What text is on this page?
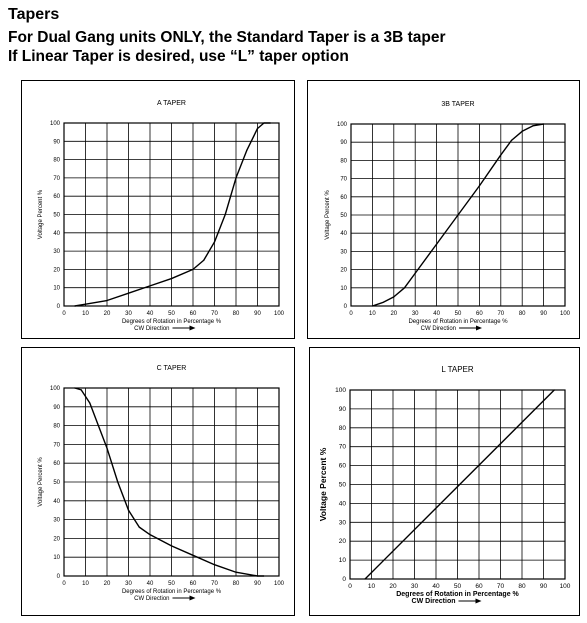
Tapers
For Dual Gang units ONLY, the Standard Taper is a 3B taper
If Linear Taper is desired, use “L” taper option
A TAPER
0	10 20 30 40 50 60 70 80 90 100
0
10
20
30
40
50
60
70
80
90
100
Degrees of Rotation in Percentage %
CW Direction
Voltage Percent %
3B TAPER
0	10 20 30 40 50 60 70 80 90 100
0
10
20
30
40
50
60
70
80
90
100
Degrees of Rotation in Percentage %
CW Direction
Voltage Percent %
C TAPER
0	10 20 30 40 50 60 70 80 90 100
0
10
20
30
40
50
60
70
80
90
100
Degrees of Rotation in Percentage %
CW Direction
Voltage Percent %
L TAPER
0 10 20 30 40 50 60 70 80 90 100
0
10
20
30
40
50
60
70
80
90
100
Degrees of Rotation in Percentage %
CW Direction
Voltage Percent %
